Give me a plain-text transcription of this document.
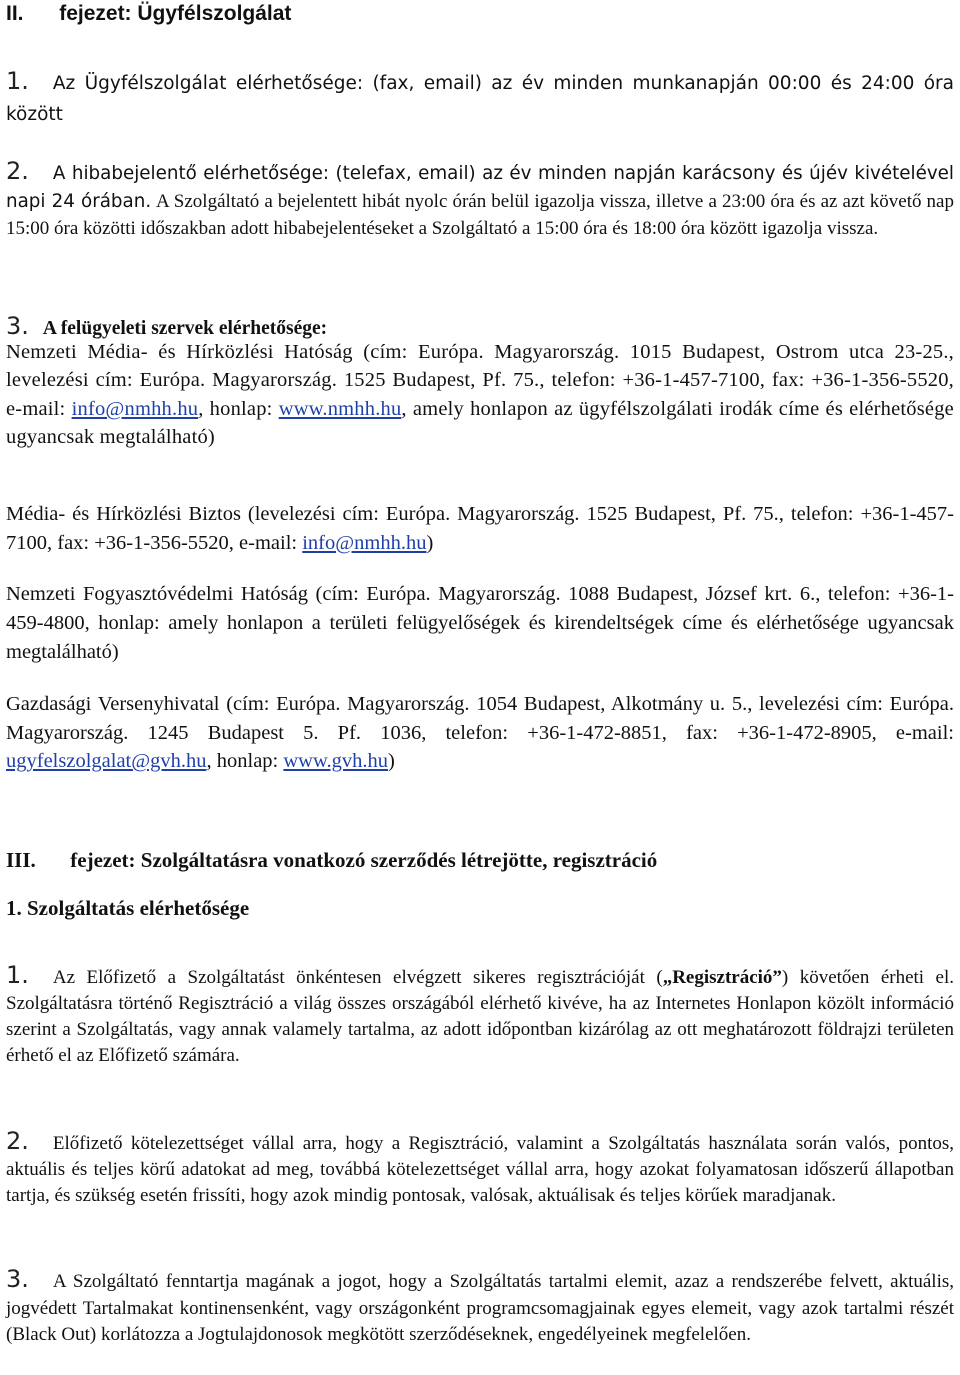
II. fejezet: Ügyfélszolgálat

1. Az Ügyfélszolgálat elérhetősége: (fax, email) az év minden munkanapján 00:00 és 24:00 óra között

2. A hibabejelentő elérhetősége: (telefax, email) az év minden napján karácsony és újév kivételével napi 24 órában. A Szolgáltató a bejelentett hibát nyolc órán belül igazolja vissza, illetve a 23:00 óra és az azt követő nap 15:00 óra közötti időszakban adott hibabejelentéseket a Szolgáltató a 15:00 óra és 18:00 óra között igazolja vissza.

3. A felügyeleti szervek elérhetősége:

Nemzeti Média- és Hírközlési Hatóság (cím: Európa. Magyarország. 1015 Budapest, Ostrom utca 23-25., levelezési cím: Európa. Magyarország. 1525 Budapest, Pf. 75., telefon: +36-1-457-7100, fax: +36-1-356-5520, e-mail: info@nmhh.hu, honlap: www.nmhh.hu, amely honlapon az ügyfélszolgálati irodák címe és elérhetősége ugyancsak megtalálható)

Média- és Hírközlési Biztos (levelezési cím: Európa. Magyarország. 1525 Budapest, Pf. 75., telefon: +36-1-457- 7100, fax: +36-1-356-5520, e-mail: info@nmhh.hu)

Nemzeti Fogyasztóvédelmi Hatóság (cím: Európa. Magyarország. 1088 Budapest, József krt. 6., telefon: +36-1- 459-4800, honlap: amely honlapon a területi felügyelőségek és kirendeltségek címe és elérhetősége ugyancsak megtalálható)

Gazdasági Versenyhivatal (cím: Európa. Magyarország. 1054 Budapest, Alkotmány u. 5., levelezési cím: Európa. Magyarország. 1245 Budapest 5. Pf. 1036, telefon: +36-1-472-8851, fax: +36-1-472-8905, e-mail: ugyfelszolgalat@gvh.hu, honlap: www.gvh.hu)

III. fejezet: Szolgáltatásra vonatkozó szerződés létrejötte, regisztráció
1. Szolgáltatás elérhetősége

1. Az Előfizető a Szolgáltatást önkéntesen elvégzett sikeres regisztrációját („Regisztráció”) követően érheti el. Szolgáltatásra történő Regisztráció a világ összes országából elérhető kivéve, ha az Internetes Honlapon közölt információ szerint a Szolgáltatás, vagy annak valamely tartalma, az adott időpontban kizárólag az ott meghatározott földrajzi területen érhető el az Előfizető számára.

2. Előfizető kötelezettséget vállal arra, hogy a Regisztráció, valamint a Szolgáltatás használata során valós, pontos, aktuális és teljes körű adatokat ad meg, továbbá kötelezettséget vállal arra, hogy azokat folyamatosan időszerű állapotban tartja, és szükség esetén frissíti, hogy azok mindig pontosak, valósak, aktuálisak és teljes körűek maradjanak.

3. A Szolgáltató fenntartja magának a jogot, hogy a Szolgáltatás tartalmi elemit, azaz a rendszerébe felvett, aktuális, jogvédett Tartalmakat kontinensenként, vagy országonként programcsomagjainak egyes elemeit, vagy azok tartalmi részét (Black Out) korlátozza a Jogtulajdonosok megkötött szerződéseknek, engedélyeinek megfelelően.
